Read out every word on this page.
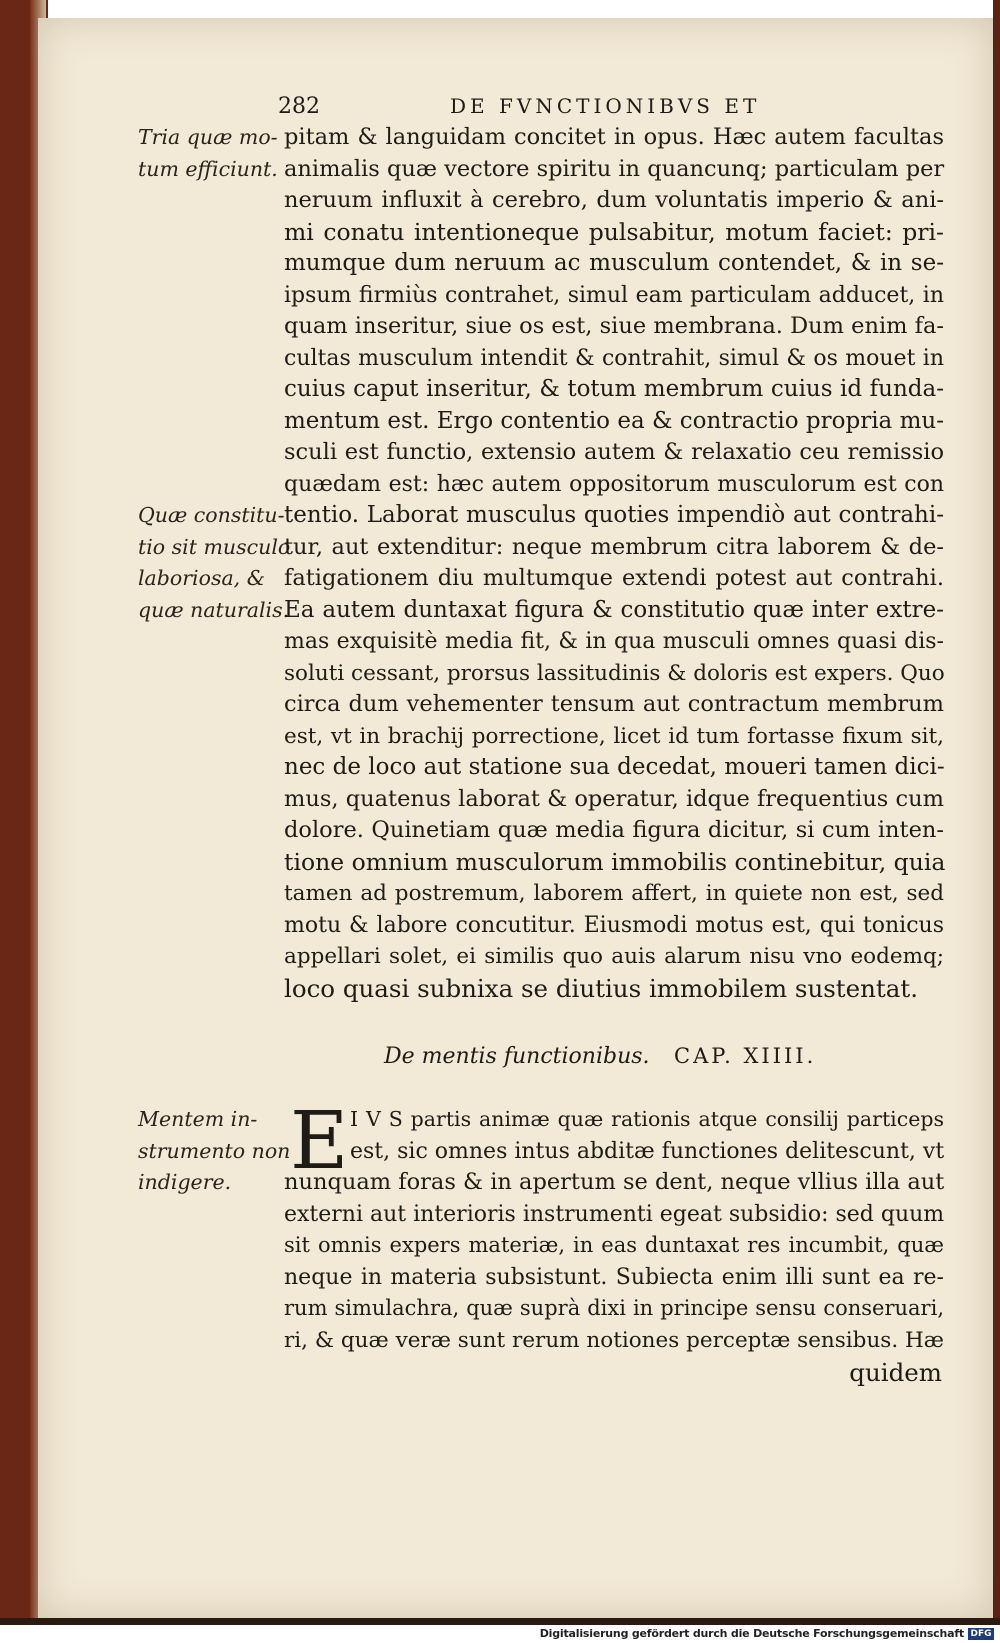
282	DE FVNCTIONIBVS ET
Tria quæ mo-
tum efficiunt.
Quæ constitu-
tio sit musculo
laboriosa, &
quæ naturalis.
Mentem in-
strumento non
indigere.
pitam & languidam concitet in opus. Hæc autem facultas
animalis quæ vectore spiritu in quancunq; particulam per
neruum influxit à cerebro, dum voluntatis imperio & ani-
mi conatu intentioneque pulsabitur, motum faciet: pri-
mumque dum neruum ac musculum contendet, & in se-
ipsum firmiùs contrahet, simul eam particulam adducet, in
quam inseritur, siue os est, siue membrana. Dum enim fa-
cultas musculum intendit & contrahit, simul & os mouet in
cuius caput inseritur, & totum membrum cuius id funda-
mentum est. Ergo contentio ea & contractio propria mu-
sculi est functio, extensio autem & relaxatio ceu remissio
quædam est: hæc autem oppositorum musculorum est con
tentio. Laborat musculus quoties impendiò aut contrahi-
tur, aut extenditur: neque membrum citra laborem & de-
fatigationem diu multumque extendi potest aut contrahi.
Ea autem duntaxat figura & constitutio quæ inter extre-
mas exquisitè media fit, & in qua musculi omnes quasi dis-
soluti cessant, prorsus lassitudinis & doloris est expers. Quo
circa dum vehementer tensum aut contractum membrum
est, vt in brachij porrectione, licet id tum fortasse fixum sit,
nec de loco aut statione sua decedat, moueri tamen dici-
mus, quatenus laborat & operatur, idque frequentius cum
dolore. Quinetiam quæ media figura dicitur, si cum inten-
tione omnium musculorum immobilis continebitur, quia
tamen ad postremum, laborem affert, in quiete non est, sed
motu & labore concutitur. Eiusmodi motus est, qui tonicus
appellari solet, ei similis quo auis alarum nisu vno eodemq;
loco quasi subnixa se diutius immobilem sustentat.
De mentis functionibus. CAP. XIIII.
E I V S partis animæ quæ rationis atque consilij particeps
est, sic omnes intus abditæ functiones delitescunt, vt
nunquam foras & in apertum se dent, neque vllius illa aut
externi aut interioris instrumenti egeat subsidio: sed quum
sit omnis expers materiæ, in eas duntaxat res incumbit, quæ
neque in materia subsistunt. Subiecta enim illi sunt ea re-
rum simulachra, quæ suprà dixi in principe sensu conseruari,
ri, & quæ veræ sunt rerum notiones perceptæ sensibus. Hæ
quidem
Digitalisierung gefördert durch die Deutsche Forschungsgemeinschaft DFG
